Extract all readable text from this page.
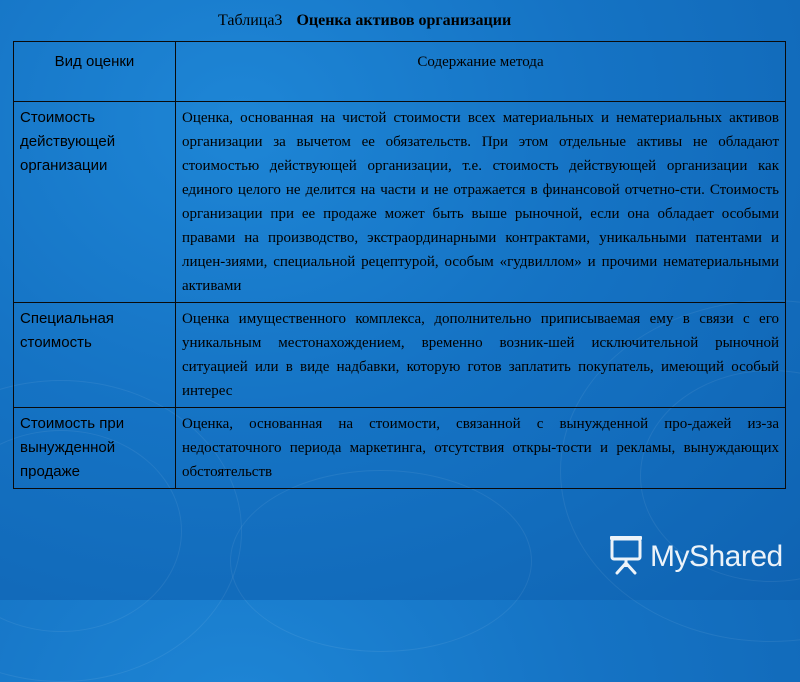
Таблица3 Оценка активов организации
Вид оценки	Содержание метода
Стоимость действующей организации	Оценка, основанная на чистой стоимости всех материальных и нематериальных активов организации за вычетом ее обязательств. При этом отдельные активы не обладают стоимостью действующей организации, т.е. стоимость действующей организации как единого целого не делится на части и не отражается в финансовой отчетно-сти. Стоимость организации при ее продаже может быть выше рыночной, если она обладает особыми правами на производство, экстраординарными контрактами, уникальными патентами и лицен-зиями, специальной рецептурой, особым «гудвиллом» и прочими нематериальными активами
Специальная стоимость	Оценка имущественного комплекса, дополнительно приписываемая ему в связи с его уникальным местонахождением, временно возник-шей исключительной рыночной ситуацией или в виде надбавки, которую готов заплатить покупатель, имеющий особый интерес
Стоимость при вынужденной продаже	Оценка, основанная на стоимости, связанной с вынужденной про-дажей из-за недостаточного периода маркетинга, отсутствия откры-тости и рекламы, вынуждающих обстоятельств
MyShared
